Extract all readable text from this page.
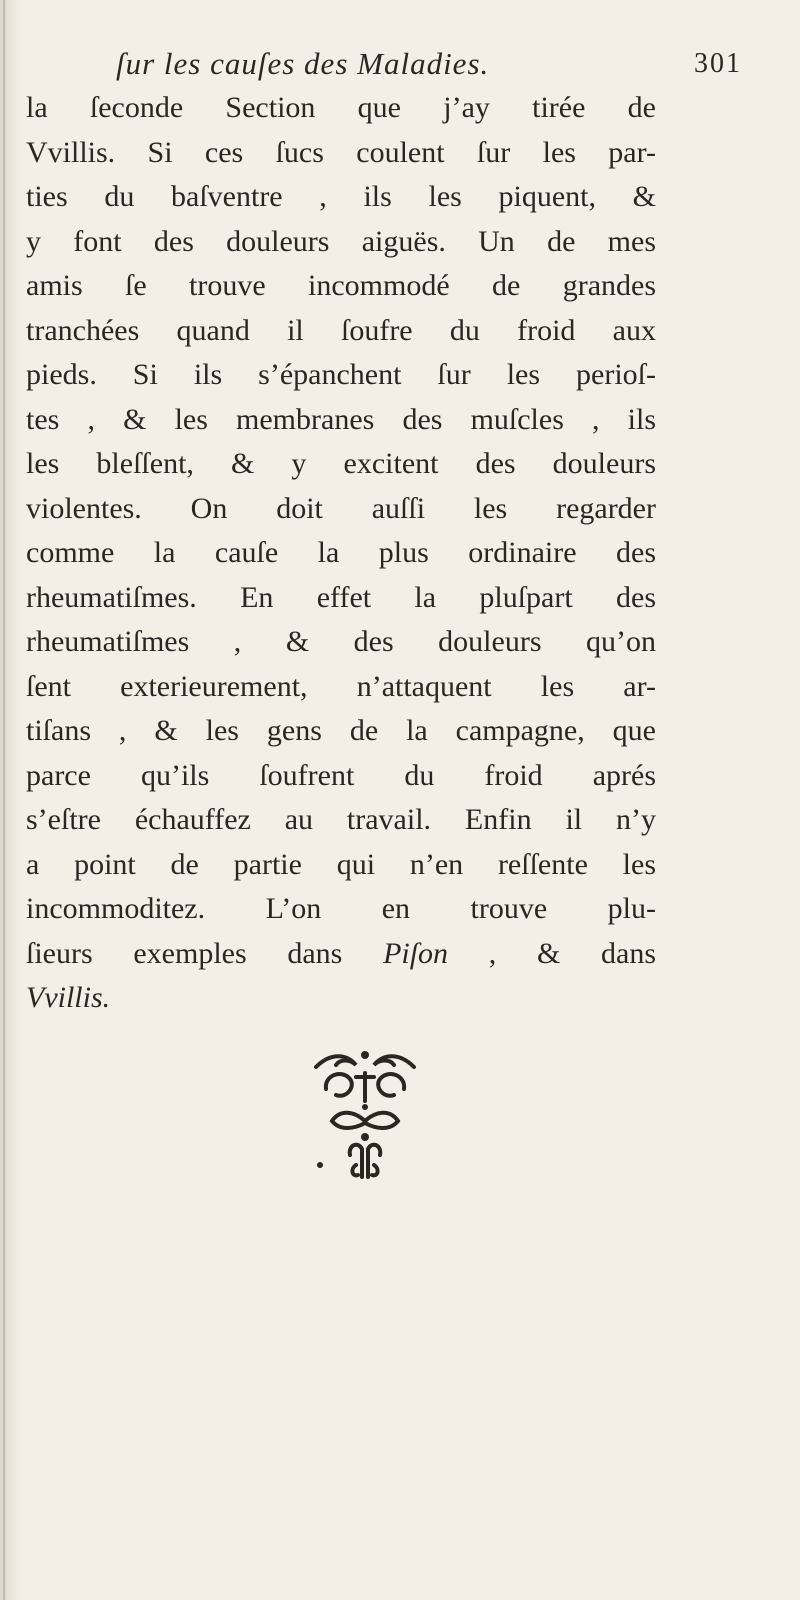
ſur les cauſes des Maladies.	301
la ſeconde Section que j’ay tirée de
Vvillis. Si ces ſucs coulent ſur les par-
ties du baſventre , ils les piquent, &
y font des douleurs aiguës. Un de mes
amis ſe trouve incommodé de grandes
tranchées quand il ſoufre du froid aux
pieds. Si ils s’épanchent ſur les perioſ-
tes , & les membranes des muſcles , ils
les bleſſent, & y excitent des douleurs
violentes. On doit auſſi les regarder
comme la cauſe la plus ordinaire des
rheumatiſmes. En effet la pluſpart des
rheumatiſmes , & des douleurs qu’on
ſent exterieurement, n’attaquent les ar-
tiſans , & les gens de la campagne, que
parce qu’ils ſoufrent du froid aprés
s’eſtre échauffez au travail. Enfin il n’y
a point de partie qui n’en reſſente les
incommoditez. L’on en trouve plu-
ſieurs exemples dans Piſon , & dans
Vvillis.
